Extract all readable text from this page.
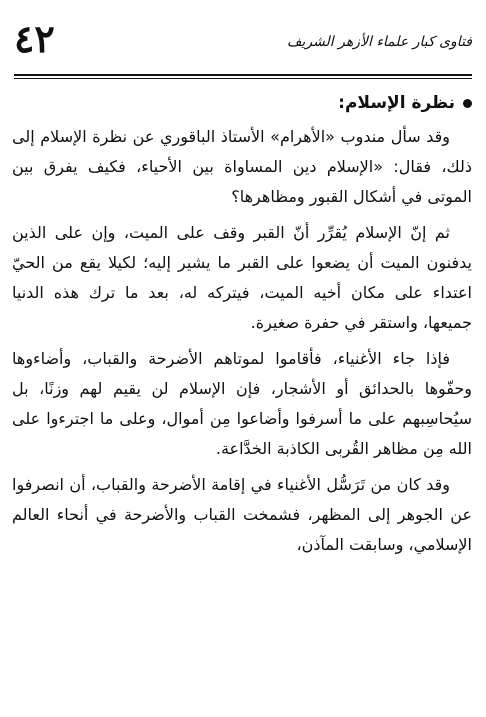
٤٢	فتاوى كبار علماء الأزهر الشريف
نظرة الإسلام:

وقد سأل مندوب «الأهرام» الأستاذ الباقوري عن نظرة الإسلام إلى ذلك، فقال: «الإسلام دين المساواة بين الأحياء، فكيف يفرق بين الموتى في أشكال القبور ومظاهرها؟

ثم إنّ الإسلام يُقرِّر أنّ القبر وقف على الميت، وإن على الذين يدفنون الميت أن يضعوا على القبر ما يشير إليه؛ لكيلا يقع من الحيّ اعتداء على مكان أخيه الميت، فيتركه له، بعد ما ترك هذه الدنيا جميعها، واستقر في حفرة صغيرة.

فإذا جاء الأغنياء، فأقاموا لموتاهم الأضرحة والقباب، وأضاءوها وحفّوها بالحدائق أو الأشجار، فإن الإسلام لن يقيم لهم وزنًا، بل سيُحاسِبهم على ما أسرفوا وأضاعوا مِن أموال، وعلى ما اجترءوا على الله مِن مظاهر القُربى الكاذبة الخدَّاعة.

وقد كان من تَرَسُّل الأغنياء في إقامة الأضرحة والقباب، أن انصرفوا عن الجوهر إلى المظهر، فشمخت القباب والأضرحة في أنحاء العالم الإسلامي، وسابقت المآذن،
